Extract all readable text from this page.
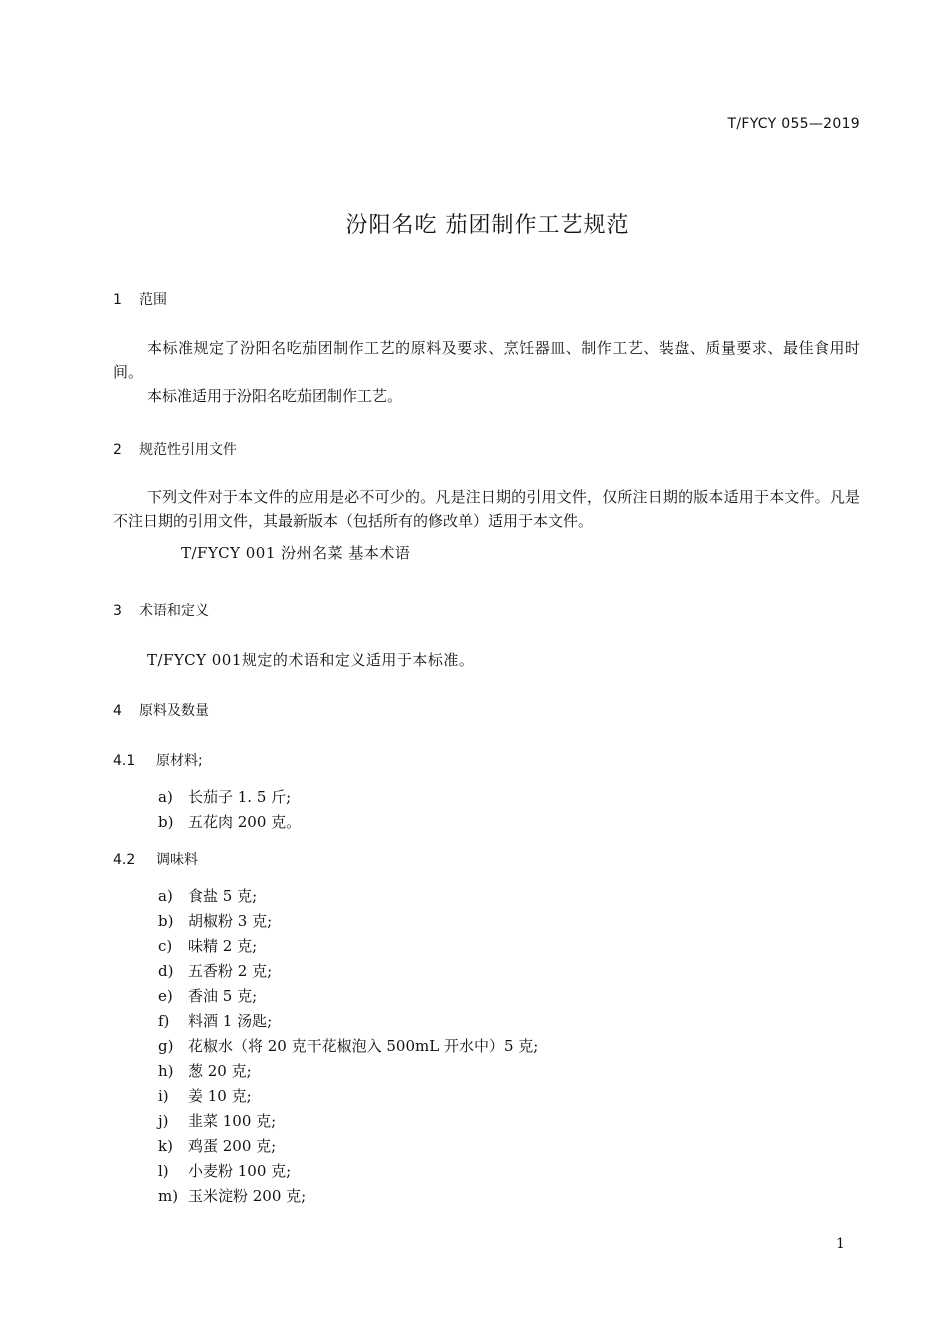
T/FYCY 055—2019
汾阳名吃 茄团制作工艺规范
1 范围
本标准规定了汾阳名吃茄团制作工艺的原料及要求、烹饪器皿、制作工艺、装盘、质量要求、最佳食用时间。
本标准适用于汾阳名吃茄团制作工艺。
2 规范性引用文件
下列文件对于本文件的应用是必不可少的。凡是注日期的引用文件，仅所注日期的版本适用于本文件。凡是不注日期的引用文件，其最新版本（包括所有的修改单）适用于本文件。
T/FYCY 001 汾州名菜 基本术语
3 术语和定义
T/FYCY 001规定的术语和定义适用于本标准。
4 原料及数量
4.1 原材料;
a) 长茄子 1. 5 斤;
b) 五花肉 200 克。
4.2 调味料
a) 食盐 5 克;
b) 胡椒粉 3 克;
c) 味精 2 克;
d) 五香粉 2 克;
e) 香油 5 克;
f) 料酒 1 汤匙;
g) 花椒水（将 20 克干花椒泡入 500mL 开水中）5 克;
h) 葱 20 克;
i) 姜 10 克;
j) 韭菜 100 克;
k) 鸡蛋 200 克;
l) 小麦粉 100 克;
m) 玉米淀粉 200 克;
1
